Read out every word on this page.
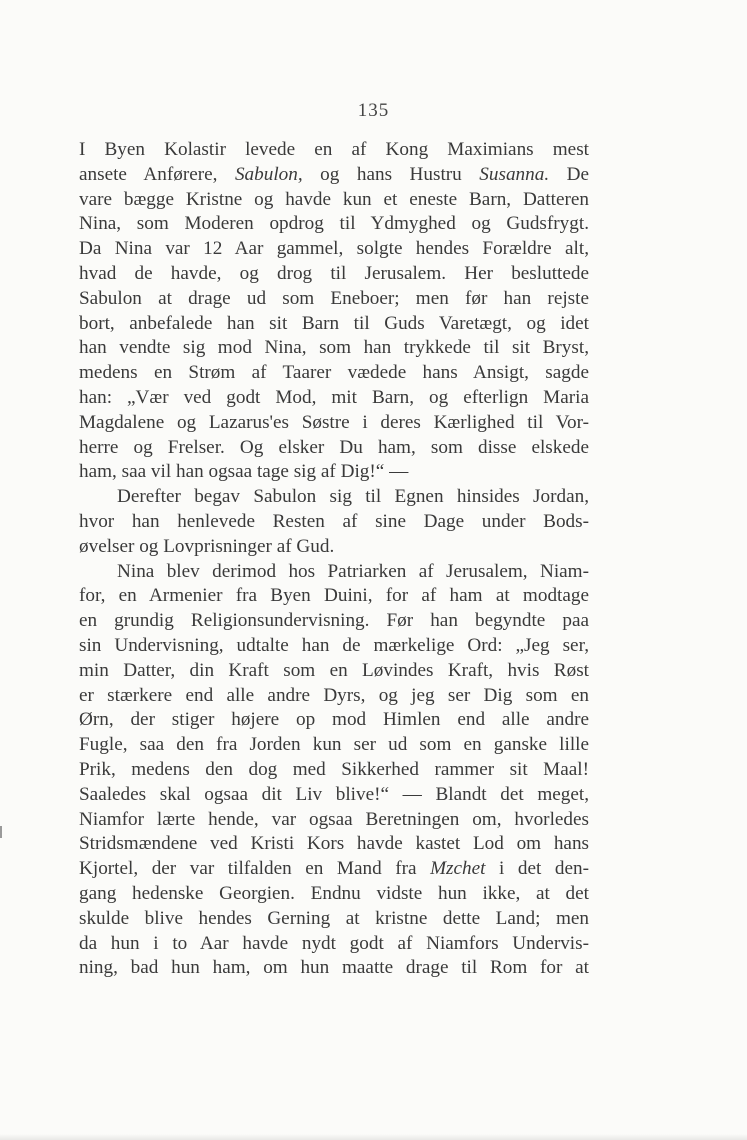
135
I Byen Kolastir levede en af Kong Maximians mest
ansete Anførere, Sabulon, og hans Hustru Susanna. De
vare bægge Kristne og havde kun et eneste Barn, Datteren
Nina, som Moderen opdrog til Ydmyghed og Gudsfrygt.
Da Nina var 12 Aar gammel, solgte hendes Forældre alt,
hvad de havde, og drog til Jerusalem. Her besluttede
Sabulon at drage ud som Eneboer; men før han rejste
bort, anbefalede han sit Barn til Guds Varetægt, og idet
han vendte sig mod Nina, som han trykkede til sit Bryst,
medens en Strøm af Taarer vædede hans Ansigt, sagde
han: „Vær ved godt Mod, mit Barn, og efterlign Maria
Magdalene og Lazarus'es Søstre i deres Kærlighed til Vor-
herre og Frelser. Og elsker Du ham, som disse elskede
ham, saa vil han ogsaa tage sig af Dig!“ —
Derefter begav Sabulon sig til Egnen hinsides Jordan,
hvor han henlevede Resten af sine Dage under Bods-
øvelser og Lovprisninger af Gud.
Nina blev derimod hos Patriarken af Jerusalem, Niam-
for, en Armenier fra Byen Duini, for af ham at modtage
en grundig Religionsundervisning. Før han begyndte paa
sin Undervisning, udtalte han de mærkelige Ord: „Jeg ser,
min Datter, din Kraft som en Løvindes Kraft, hvis Røst
er stærkere end alle andre Dyrs, og jeg ser Dig som en
Ørn, der stiger højere op mod Himlen end alle andre
Fugle, saa den fra Jorden kun ser ud som en ganske lille
Prik, medens den dog med Sikkerhed rammer sit Maal!
Saaledes skal ogsaa dit Liv blive!“ — Blandt det meget,
Niamfor lærte hende, var ogsaa Beretningen om, hvorledes
Stridsmændene ved Kristi Kors havde kastet Lod om hans
Kjortel, der var tilfalden en Mand fra Mzchet i det den-
gang hedenske Georgien. Endnu vidste hun ikke, at det
skulde blive hendes Gerning at kristne dette Land; men
da hun i to Aar havde nydt godt af Niamfors Undervis-
ning, bad hun ham, om hun maatte drage til Rom for at
